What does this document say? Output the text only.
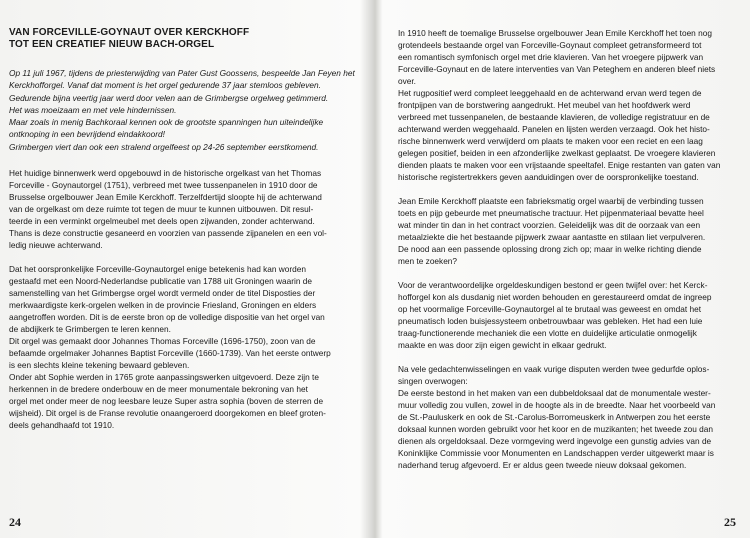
VAN FORCEVILLE-GOYNAUT OVER KERCKHOFF
TOT EEN CREATIEF NIEUW BACH-ORGEL

Op 11 juli 1967, tijdens de priesterwijding van Pater Gust Goossens, bespeelde Jan Feyen het

Kerckhofforgel. Vanaf dat moment is het orgel gedurende 37 jaar stemloos gebleven.

Gedurende bijna veertig jaar werd door velen aan de Grimbergse orgelweg getimmerd.

Het was moeizaam en met vele hindernissen.

Maar zoals in menig Bachkoraal kennen ook de grootste spanningen hun uiteindelijke

ontknoping in een bevrijdend eindakkoord!

Grimbergen viert dan ook een stralend orgelfeest op 24-26 september eerstkomend.

Het huidige binnenwerk werd opgebouwd in de historische orgelkast van het Thomas

Forceville - Goynautorgel (1751), verbreed met twee tussenpanelen in 1910 door de

Brusselse orgelbouwer Jean Emile Kerckhoff. Terzelfdertijd sloopte hij de achterwand

van de orgelkast om deze ruimte tot tegen de muur te kunnen uitbouwen. Dit resul-

teerde in een verminkt orgelmeubel met deels open zijwanden, zonder achterwand.

Thans is deze constructie gesaneerd en voorzien van passende zijpanelen en een vol-

ledig nieuwe achterwand.

Dat het oorspronkelijke Forceville-Goynautorgel enige betekenis had kan worden

gestaafd met een Noord-Nederlandse publicatie van 1788 uit Groningen waarin de

samenstelling van het Grimbergse orgel wordt vermeld onder de titel Disposties der

merkwaardigste kerk-orgelen welken in de provincie Friesland, Groningen en elders

aangetroffen worden. Dit is de eerste bron op de volledige dispositie van het orgel van

de abdijkerk te Grimbergen te leren kennen.

Dit orgel was gemaakt door Johannes Thomas Forceville (1696-1750), zoon van de

befaamde orgelmaker Johannes Baptist Forceville (1660-1739). Van het eerste ontwerp

is een slechts kleine tekening bewaard gebleven.

Onder abt Sophie werden in 1765 grote aanpassingswerken uitgevoerd. Deze zijn te

herkennen in de bredere onderbouw en de meer monumentale bekroning van het

orgel met onder meer de nog leesbare leuze Super astra sophia (boven de sterren de

wijsheid). Dit orgel is de Franse revolutie onaangeroerd doorgekomen en bleef groten-

deels gehandhaafd tot 1910.

24

In 1910 heeft de toemalige Brusselse orgelbouwer Jean Emile Kerckhoff het toen nog

grotendeels bestaande orgel van Forceville-Goynaut compleet getransformeerd tot

een romantisch symfonisch orgel met drie klavieren. Van het vroegere pijpwerk van

Forceville-Goynaut en de latere interventies van Van Peteghem en anderen bleef niets

over.

Het rugpositief werd compleet leeggehaald en de achterwand ervan werd tegen de

frontpijpen van de borstwering aangedrukt. Het meubel van het hoofdwerk werd

verbreed met tussenpanelen, de bestaande klavieren, de volledige registratuur en de

achterwand werden weggehaald. Panelen en lijsten werden verzaagd. Ook het histo-

rische binnenwerk werd verwijderd om plaats te maken voor een reciet en een laag

gelegen positief, beiden in een afzonderlijke zwelkast geplaatst. De vroegere klavieren

dienden plaats te maken voor een vrijstaande speeltafel. Enige restanten van gaten van

historische registertrekkers geven aanduidingen over de oorspronkelijke toestand.

Jean Emile Kerckhoff plaatste een fabrieksmatig orgel waarbij de verbinding tussen

toets en pijp gebeurde met pneumatische tractuur. Het pijpenmateriaal bevatte heel

wat minder tin dan in het contract voorzien. Geleidelijk was dit de oorzaak van een

metaalziekte die het bestaande pijpwerk zwaar aantastte en stilaan liet verpulveren.

De nood aan een passende oplossing drong zich op; maar in welke richting diende

men te zoeken?

Voor de verantwoordelijke orgeldeskundigen bestond er geen twijfel over: het Kerck-

hofforgel kon als dusdanig niet worden behouden en gerestaureerd omdat de ingreep

op het voormalige Forceville-Goynautorgel al te brutaal was geweest en omdat het

pneumatisch loden buisjessysteem onbetrouwbaar was gebleken. Het had een luie

traag-functionerende mechaniek die een vlotte en duidelijke articulatie onmogelijk

maakte en was door zijn eigen gewicht in elkaar gedrukt.

Na vele gedachtenwisselingen en vaak vurige disputen werden twee gedurfde oplos-

singen overwogen:

De eerste bestond in het maken van een dubbeldoksaal dat de monumentale wester-

muur volledig zou vullen, zowel in de hoogte als in de breedte. Naar het voorbeeld van

de St.-Pauluskerk en ook de St.-Carolus-Borromeuskerk in Antwerpen zou het eerste

doksaal kunnen worden gebruikt voor het koor en de muzikanten; het tweede zou dan

dienen als orgeldoksaal. Deze vormgeving werd ingevolge een gunstig advies van de

Koninklijke Commissie voor Monumenten en Landschappen verder uitgewerkt maar is

naderhand terug afgevoerd. Er er aldus geen tweede nieuw doksaal gekomen.

25
